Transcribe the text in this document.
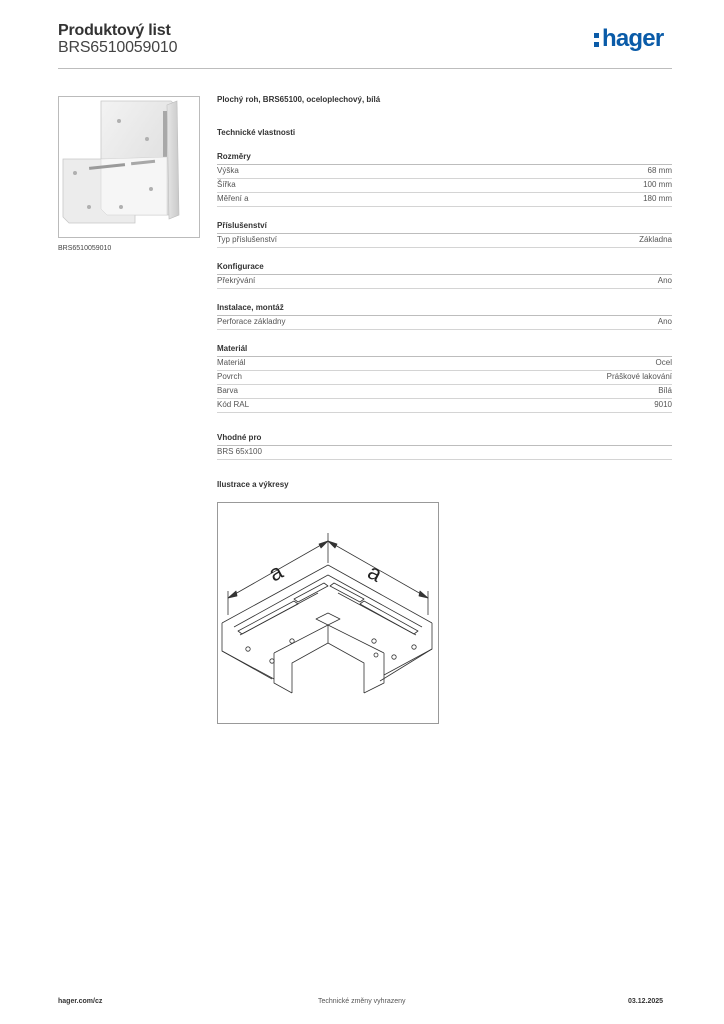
Produktový list
BRS6510059010	hager
BRS6510059010
Plochý roh, BRS65100, oceloplechový, bílá
Technické vlastnosti
Rozměry
Výška	68 mm
Šířka	100 mm
Měření a	180 mm
Příslušenství
Typ příslušenství	Základna
Konfigurace
Překrývání	Ano
Instalace, montáž
Perforace základny	Ano
Materiál
Materiál	Ocel
Povrch	Práškové lakování
Barva	Bílá
Kód RAL	9010
Vhodné pro
BRS 65x100
Ilustrace a výkresy
a	a
hager.com/cz	Technické změny vyhrazeny	03.12.2025
